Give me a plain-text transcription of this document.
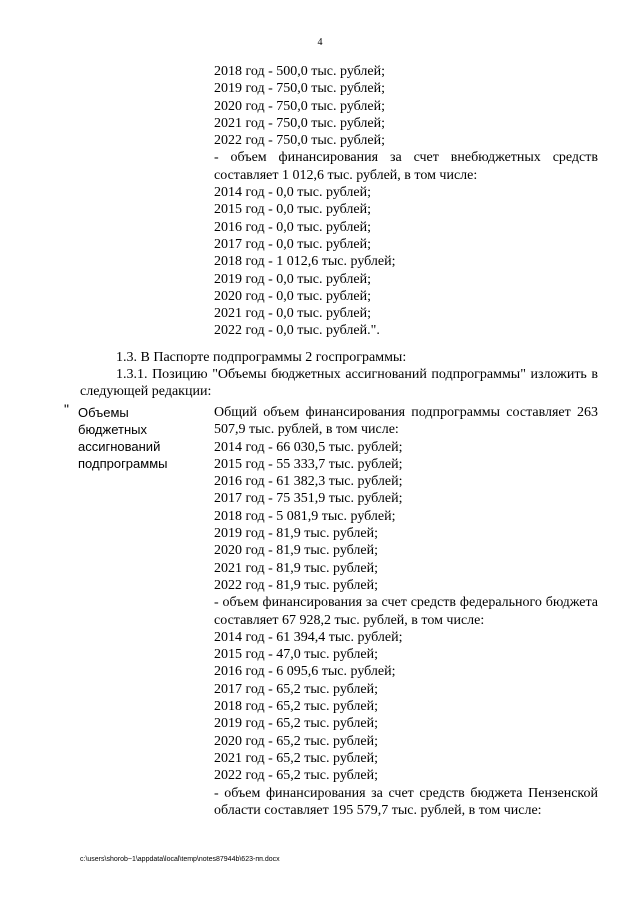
4
2018 год - 500,0 тыс. рублей;
2019 год - 750,0 тыс. рублей;
2020 год - 750,0 тыс. рублей;
2021 год - 750,0 тыс. рублей;
2022 год - 750,0 тыс. рублей;
- объем финансирования за счет внебюджетных средств составляет 1 012,6 тыс. рублей, в том числе:
2014 год - 0,0 тыс. рублей;
2015 год - 0,0 тыс. рублей;
2016 год - 0,0 тыс. рублей;
2017 год - 0,0 тыс. рублей;
2018 год - 1 012,6 тыс. рублей;
2019 год - 0,0 тыс. рублей;
2020 год - 0,0 тыс. рублей;
2021 год - 0,0 тыс. рублей;
2022 год - 0,0 тыс. рублей.".
1.3. В Паспорте подпрограммы 2 госпрограммы:
1.3.1. Позицию "Объемы бюджетных ассигнований подпрограммы" изложить в следующей редакции:
" Объемы
бюджетных
ассигнований
подпрограммы
Общий объем финансирования подпрограммы составляет 263 507,9 тыс. рублей, в том числе:
2014 год - 66 030,5 тыс. рублей;
2015 год - 55 333,7 тыс. рублей;
2016 год - 61 382,3 тыс. рублей;
2017 год - 75 351,9 тыс. рублей;
2018 год - 5 081,9 тыс. рублей;
2019 год - 81,9 тыс. рублей;
2020 год - 81,9 тыс. рублей;
2021 год - 81,9 тыс. рублей;
2022 год - 81,9 тыс. рублей;
- объем финансирования за счет средств федерального бюджета составляет 67 928,2 тыс. рублей, в том числе:
2014 год - 61 394,4 тыс. рублей;
2015 год - 47,0 тыс. рублей;
2016 год - 6 095,6 тыс. рублей;
2017 год - 65,2 тыс. рублей;
2018 год - 65,2 тыс. рублей;
2019 год - 65,2 тыс. рублей;
2020 год - 65,2 тыс. рублей;
2021 год - 65,2 тыс. рублей;
2022 год - 65,2 тыс. рублей;
- объем финансирования за счет средств бюджета Пензенской области составляет 195 579,7 тыс. рублей, в том числе:
c:\users\shorob~1\appdata\local\temp\notes87944b\623-пп.docx
